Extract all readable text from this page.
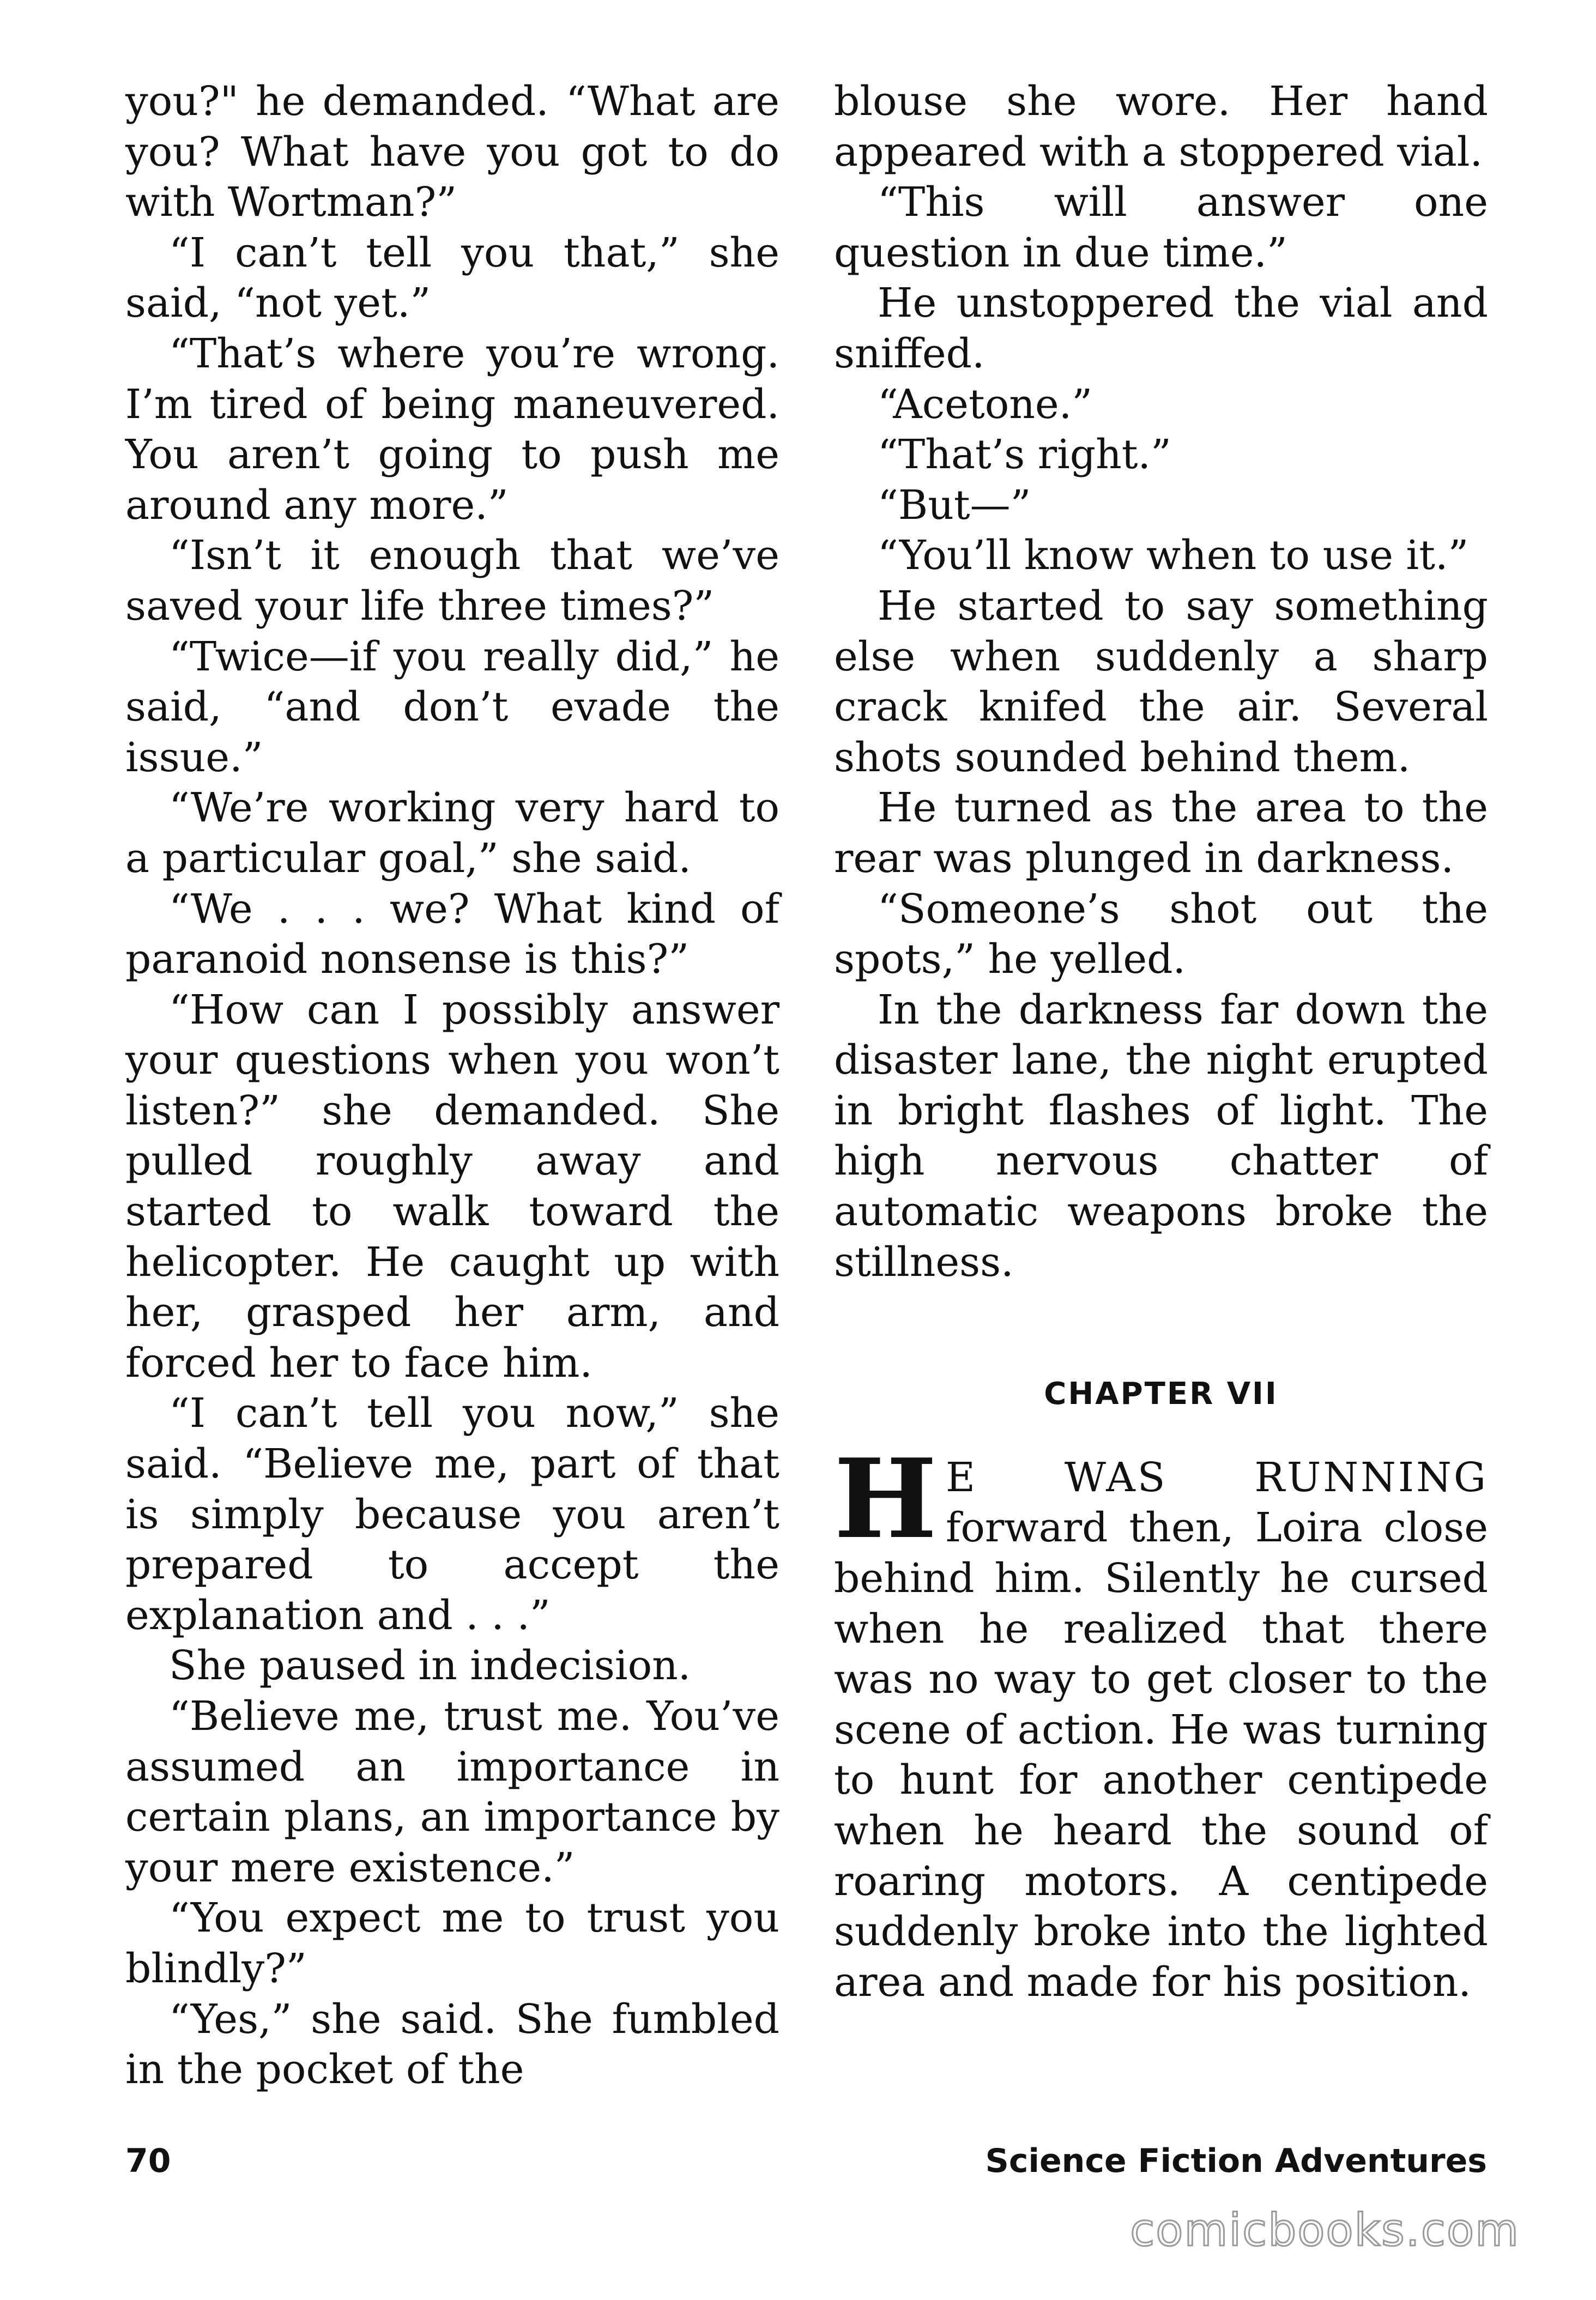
you?" he demanded. “What are you? What have you got to do with Wortman?”

“I can’t tell you that,” she said, “not yet.”

“That’s where you’re wrong. I’m tired of being maneuvered. You aren’t going to push me around any more.”

“Isn’t it enough that we’ve saved your life three times?”

“Twice—if you really did,” he said, “and don’t evade the issue.”

“We’re working very hard to a particular goal,” she said.

“We . . . we? What kind of paranoid nonsense is this?”

“How can I possibly answer your questions when you won’t listen?” she demanded. She pulled roughly away and started to walk toward the helicopter. He caught up with her, grasped her arm, and forced her to face him.

“I can’t tell you now,” she said. “Believe me, part of that is simply because you aren’t prepared to accept the explanation and . . .”

She paused in indecision.

“Believe me, trust me. You’ve assumed an importance in certain plans, an importance by your mere existence.”

“You expect me to trust you blindly?”

“Yes,” she said. She fumbled in the pocket of the

blouse she wore. Her hand appeared with a stoppered vial.

“This will answer one question in due time.”

He unstoppered the vial and sniffed.

“Acetone.”

“That’s right.”

“But—”

“You’ll know when to use it.”

He started to say something else when suddenly a sharp crack knifed the air. Several shots sounded behind them.

He turned as the area to the rear was plunged in darkness.

“Someone’s shot out the spots,” he yelled.

In the darkness far down the disaster lane, the night erupted in bright flashes of light. The high nervous chatter of automatic weapons broke the stillness.

CHAPTER VII

H E WAS RUNNING forward then, Loira close behind him. Silently he cursed when he realized that there was no way to get closer to the scene of action. He was turning to hunt for another centipede when he heard the sound of roaring motors. A centipede suddenly broke into the lighted area and made for his position.

70	Science Fiction Adventures
comicbooks.com
